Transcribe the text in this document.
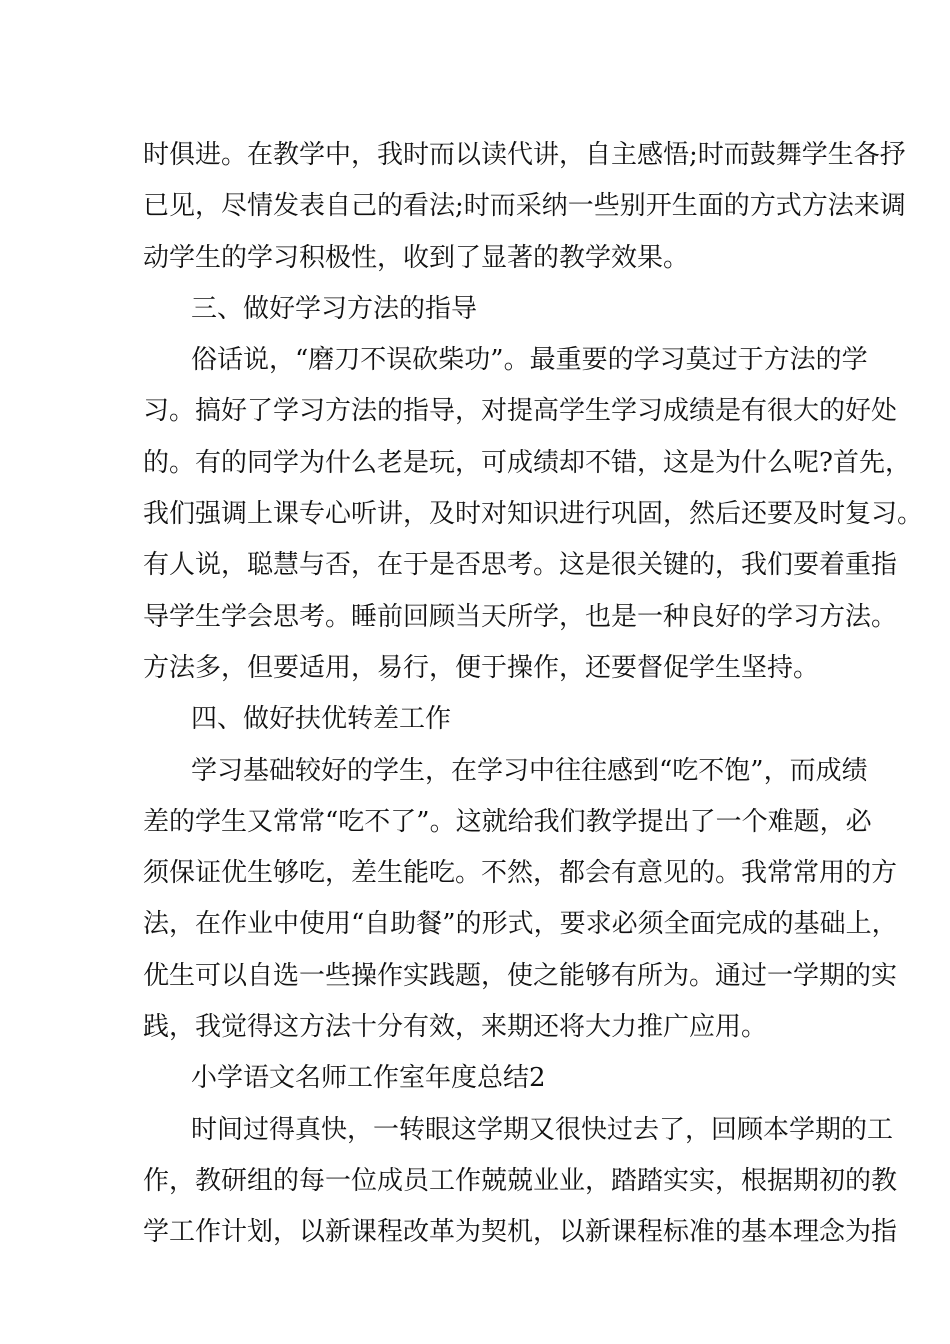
时俱进。在教学中，我时而以读代讲，自主感悟;时而鼓舞学生各抒
已见，尽情发表自己的看法;时而采纳一些别开生面的方式方法来调
动学生的学习积极性，收到了显著的教学效果。
三、做好学习方法的指导
俗话说，“磨刀不误砍柴功”。最重要的学习莫过于方法的学
习。搞好了学习方法的指导，对提高学生学习成绩是有很大的好处
的。有的同学为什么老是玩，可成绩却不错，这是为什么呢?首先，
我们强调上课专心听讲，及时对知识进行巩固，然后还要及时复习。
有人说，聪慧与否，在于是否思考。这是很关键的，我们要着重指
导学生学会思考。睡前回顾当天所学，也是一种良好的学习方法。
方法多，但要适用，易行，便于操作，还要督促学生坚持。
四、做好扶优转差工作
学习基础较好的学生，在学习中往往感到“吃不饱”，而成绩
差的学生又常常“吃不了”。这就给我们教学提出了一个难题，必
须保证优生够吃，差生能吃。不然，都会有意见的。我常常用的方
法，在作业中使用“自助餐”的形式，要求必须全面完成的基础上，
优生可以自选一些操作实践题，使之能够有所为。通过一学期的实
践，我觉得这方法十分有效，来期还将大力推广应用。
小学语文名师工作室年度总结2
时间过得真快，一转眼这学期又很快过去了，回顾本学期的工
作，教研组的每一位成员工作兢兢业业，踏踏实实，根据期初的教
学工作计划，以新课程改革为契机，以新课程标准的基本理念为指
